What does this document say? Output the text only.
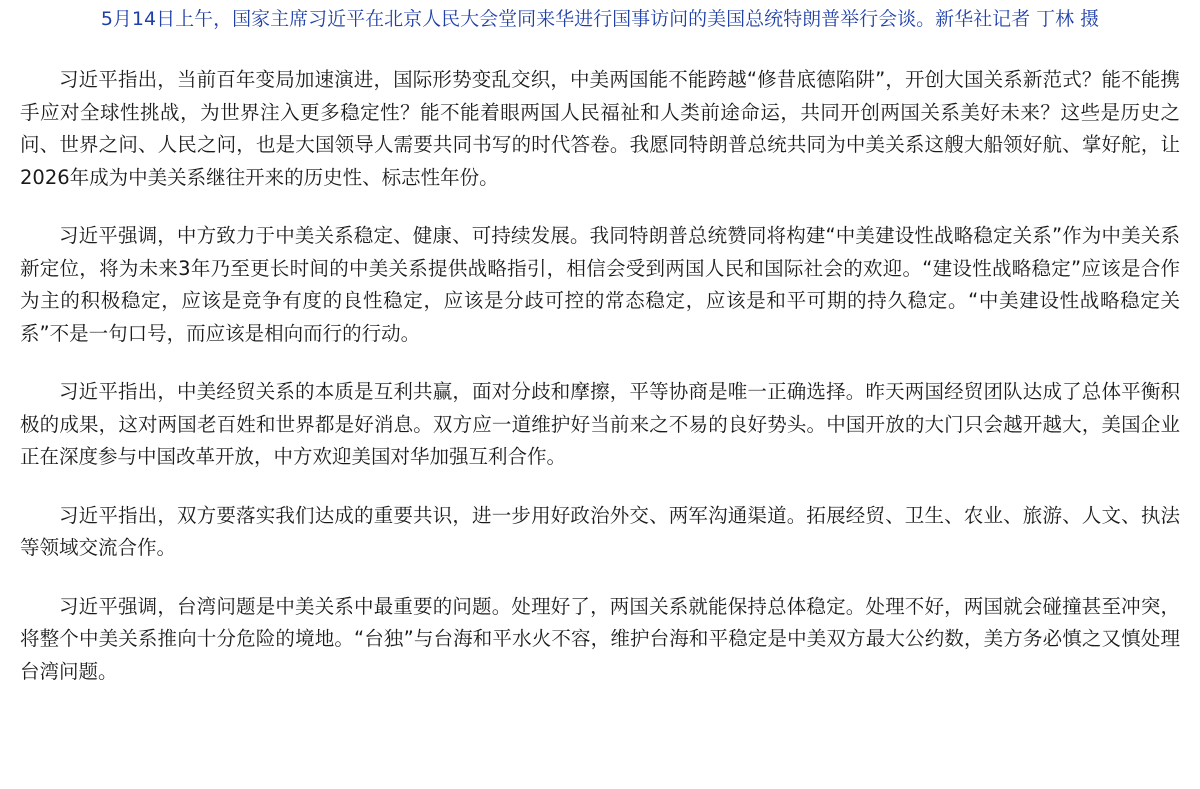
5月14日上午，国家主席习近平在北京人民大会堂同来华进行国事访问的美国总统特朗普举行会谈。新华社记者 丁林 摄

习近平指出，当前百年变局加速演进，国际形势变乱交织，中美两国能不能跨越“修昔底德陷阱”，开创大国关系新范式？能不能携手应对全球性挑战，为世界注入更多稳定性？能不能着眼两国人民福祉和人类前途命运，共同开创两国关系美好未来？这些是历史之问、世界之问、人民之问，也是大国领导人需要共同书写的时代答卷。我愿同特朗普总统共同为中美关系这艘大船领好航、掌好舵，让2026年成为中美关系继往开来的历史性、标志性年份。

习近平强调，中方致力于中美关系稳定、健康、可持续发展。我同特朗普总统赞同将构建“中美建设性战略稳定关系”作为中美关系新定位，将为未来3年乃至更长时间的中美关系提供战略指引，相信会受到两国人民和国际社会的欢迎。“建设性战略稳定”应该是合作为主的积极稳定，应该是竞争有度的良性稳定，应该是分歧可控的常态稳定，应该是和平可期的持久稳定。“中美建设性战略稳定关系”不是一句口号，而应该是相向而行的行动。

习近平指出，中美经贸关系的本质是互利共赢，面对分歧和摩擦，平等协商是唯一正确选择。昨天两国经贸团队达成了总体平衡积极的成果，这对两国老百姓和世界都是好消息。双方应一道维护好当前来之不易的良好势头。中国开放的大门只会越开越大，美国企业正在深度参与中国改革开放，中方欢迎美国对华加强互利合作。

习近平指出，双方要落实我们达成的重要共识，进一步用好政治外交、两军沟通渠道。拓展经贸、卫生、农业、旅游、人文、执法等领域交流合作。

习近平强调，台湾问题是中美关系中最重要的问题。处理好了，两国关系就能保持总体稳定。处理不好，两国就会碰撞甚至冲突，将整个中美关系推向十分危险的境地。“台独”与台海和平水火不容，维护台海和平稳定是中美双方最大公约数，美方务必慎之又慎处理台湾问题。
